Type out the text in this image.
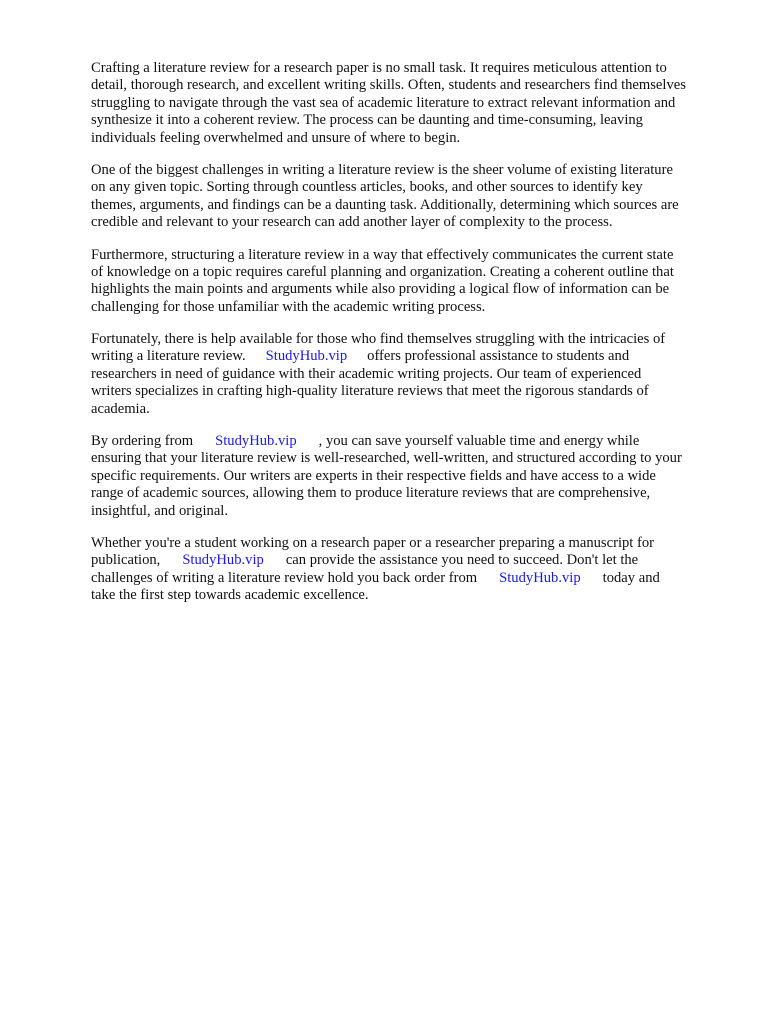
Crafting a literature review for a research paper is no small task. It requires meticulous attention to
detail, thorough research, and excellent writing skills. Often, students and researchers find themselves
struggling to navigate through the vast sea of academic literature to extract relevant information and
synthesize it into a coherent review. The process can be daunting and time-consuming, leaving
individuals feeling overwhelmed and unsure of where to begin.

One of the biggest challenges in writing a literature review is the sheer volume of existing literature
on any given topic. Sorting through countless articles, books, and other sources to identify key
themes, arguments, and findings can be a daunting task. Additionally, determining which sources are
credible and relevant to your research can add another layer of complexity to the process.

Furthermore, structuring a literature review in a way that effectively communicates the current state
of knowledge on a topic requires careful planning and organization. Creating a coherent outline that
highlights the main points and arguments while also providing a logical flow of information can be
challenging for those unfamiliar with the academic writing process.

Fortunately, there is help available for those who find themselves struggling with the intricacies of
writing a literature review. StudyHub.vip offers professional assistance to students and
researchers in need of guidance with their academic writing projects. Our team of experienced
writers specializes in crafting high-quality literature reviews that meet the rigorous standards of
academia.

By ordering from StudyHub.vip , you can save yourself valuable time and energy while
ensuring that your literature review is well-researched, well-written, and structured according to your
specific requirements. Our writers are experts in their respective fields and have access to a wide
range of academic sources, allowing them to produce literature reviews that are comprehensive,
insightful, and original.

Whether you're a student working on a research paper or a researcher preparing a manuscript for
publication, StudyHub.vip can provide the assistance you need to succeed. Don't let the
challenges of writing a literature review hold you back order from StudyHub.vip today and
take the first step towards academic excellence.
